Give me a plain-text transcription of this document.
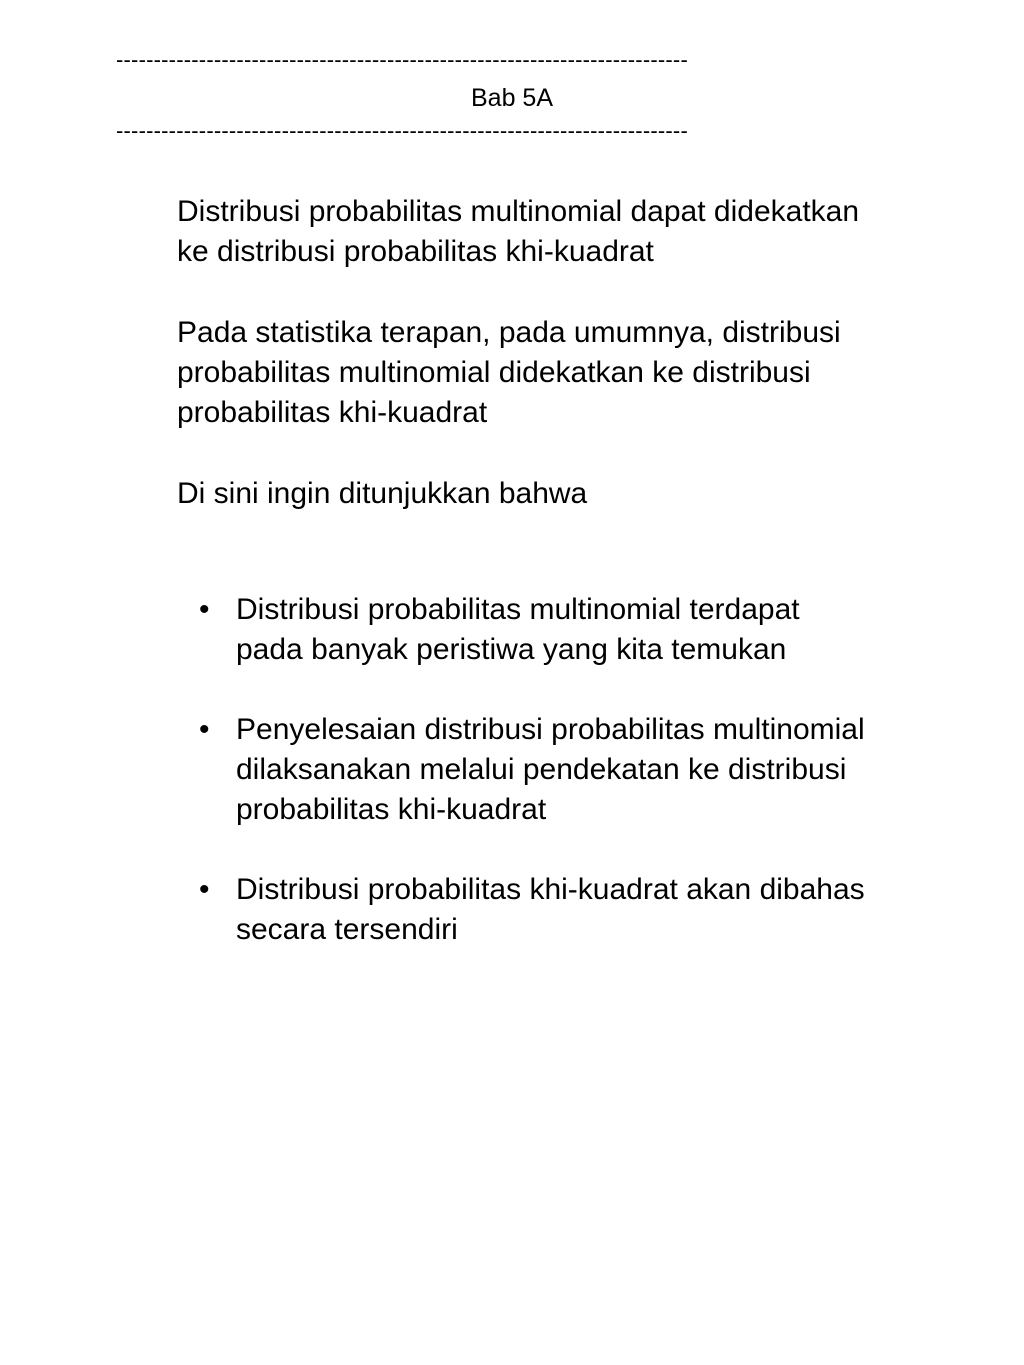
----------------------------------------------------------------------------
Bab 5A
----------------------------------------------------------------------------

Distribusi probabilitas multinomial dapat didekatkan
ke distribusi probabilitas khi-kuadrat

Pada statistika terapan, pada umumnya, distribusi
probabilitas multinomial didekatkan ke distribusi
probabilitas khi-kuadrat

Di sini ingin ditunjukkan bahwa

• Distribusi probabilitas multinomial terdapat
pada banyak peristiwa yang kita temukan
• Penyelesaian distribusi probabilitas multinomial
dilaksanakan melalui pendekatan ke distribusi
probabilitas khi-kuadrat
• Distribusi probabilitas khi-kuadrat akan dibahas
secara tersendiri
